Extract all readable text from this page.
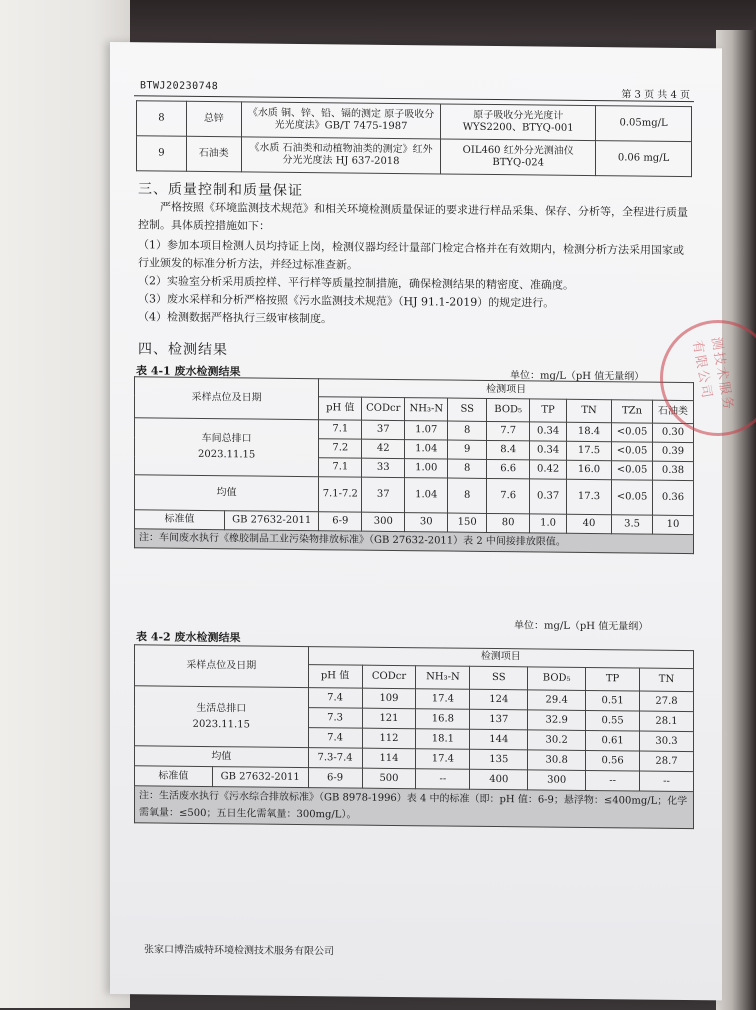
BTWJ20230748
第 3 页 共 4 页
8	总锌	《水质 铜、锌、铅、镉的测定 原子吸收分光光度法》GB/T 7475-1987	原子吸收分光光度计 WYS2200、BTYQ-001	0.05mg/L
9	石油类	《水质 石油类和动植物油类的测定》红外分光光度法 HJ 637-2018	OIL460 红外分光测油仪 BTYQ-024	0.06 mg/L
三、质量控制和质量保证
严格按照《环境监测技术规范》和相关环境检测质量保证的要求进行样品采集、保存、分析等，全程进行质量控制。具体质控措施如下：
（1）参加本项目检测人员均持证上岗，检测仪器均经计量部门检定合格并在有效期内，检测分析方法采用国家或行业颁发的标准分析方法，并经过标准查新。
（2）实验室分析采用质控样、平行样等质量控制措施，确保检测结果的精密度、准确度。
（3）废水采样和分析严格按照《污水监测技术规范》（HJ 91.1-2019）的规定进行。
（4）检测数据严格执行三级审核制度。
四、检测结果
表 4-1 废水检测结果	单位：mg/L（pH 值无量纲）
采样点位及日期		检测项目								
		pH 值	CODcr	NH₃-N	SS	BOD₅	TP	TN	TZn	石油类

车间总排口
2023.11.15		7.1	37	1.07	8	7.7	0.34	18.4	<0.05	0.30
		7.2	42	1.04	9	8.4	0.34	17.5	<0.05	0.39
		7.1	33	1.00	8	6.6	0.42	16.0	<0.05	0.38
均值		7.1-7.2	37	1.04	8	7.6	0.37	17.3	<0.05	0.36
标准值	GB 27632-2011	6-9	300	30	150	80	1.0	40	3.5	10
注：车间废水执行《橡胶制品工业污染物排放标准》（GB 27632-2011）表 2 中间接排放限值。										
表 4-2 废水检测结果
单位：mg/L（pH 值无量纲）
采样点位及日期		检测项目						
		pH 值	CODcr	NH₃-N	SS	BOD₅	TP	TN

生活总排口
2023.11.15		7.4	109	17.4	124	29.4	0.51	27.8
		7.3	121	16.8	137	32.9	0.55	28.1
		7.4	112	18.1	144	30.2	0.61	30.3
均值		7.3-7.4	114	17.4	135	30.8	0.56	28.7
标准值	GB 27632-2011	6-9	500	--	400	300	--	--
注：生活废水执行《污水综合排放标准》（GB 8978-1996）表 4 中的标准（即：pH 值：6-9；悬浮物：≤400mg/L；化学需氧量：≤500；五日生化需氧量：300mg/L）。								
张家口博浩威特环境检测技术服务有限公司
测技术服务有限公司
